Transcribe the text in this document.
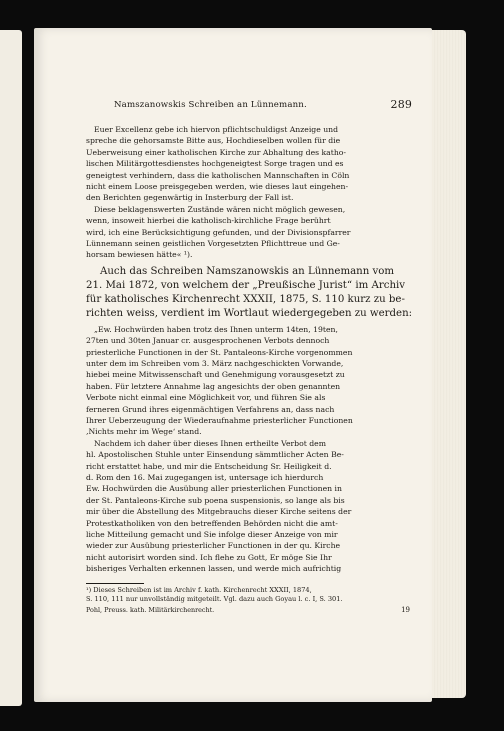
Namszanowskis Schreiben an Lünnemann.	289
Euer Excellenz gebe ich hiervon pflichtschuldigst Anzeige und
spreche die gehorsamste Bitte aus, Hochdieselben wollen für die
Ueberweisung einer katholischen Kirche zur Abhaltung des katho-
lischen Militärgottesdienstes hochgeneigtest Sorge tragen und es
geneigtest verhindern, dass die katholischen Mannschaften in Cöln
nicht einem Loose preisgegeben werden, wie dieses laut eingehen-
den Berichten gegenwärtig in Insterburg der Fall ist.
Diese beklagenswerten Zustände wären nicht möglich gewesen,
wenn, insoweit hierbei die katholisch-kirchliche Frage berührt
wird, ich eine Berücksichtigung gefunden, und der Divisionspfarrer
Lünnemann seinen geistlichen Vorgesetzten Pflichttreue und Ge-
horsam bewiesen hätte« ¹).
Auch das Schreiben Namszanowskis an Lünnemann vom
21. Mai 1872, von welchem der „Preußische Jurist“ im Archiv
für katholisches Kirchenrecht XXXII, 1875, S. 110 kurz zu be-
richten weiss, verdient im Wortlaut wiedergegeben zu werden:
„Ew. Hochwürden haben trotz des Ihnen unterm 14ten, 19ten,
27ten und 30ten Januar cr. ausgesprochenen Verbots dennoch
priesterliche Functionen in der St. Pantaleons-Kirche vorgenommen
unter dem im Schreiben vom 3. März nachgeschickten Vorwande,
hiebei meine Mitwissenschaft und Genehmigung vorausgesetzt zu
haben. Für letztere Annahme lag angesichts der oben genannten
Verbote nicht einmal eine Möglichkeit vor, und führen Sie als
ferneren Grund ihres eigenmächtigen Verfahrens an, dass nach
Ihrer Ueberzeugung der Wiederaufnahme priesterlicher Functionen
‚Nichts mehr im Wege‘ stand.
Nachdem ich daher über dieses Ihnen ertheilte Verbot dem
hl. Apostolischen Stuhle unter Einsendung sämmtlicher Acten Be-
richt erstattet habe, und mir die Entscheidung Sr. Heiligkeit d.
d. Rom den 16. Mai zugegangen ist, untersage ich hierdurch
Ew. Hochwürden die Ausübung aller priesterlichen Functionen in
der St. Pantaleons-Kirche sub poena suspensionis, so lange als bis
mir über die Abstellung des Mitgebrauchs dieser Kirche seitens der
Protestkatholiken von den betreffenden Behörden nicht die amt-
liche Mitteilung gemacht und Sie infolge dieser Anzeige von mir
wieder zur Ausübung priesterlicher Functionen in der qu. Kirche
nicht autorisirt worden sind. Ich flehe zu Gott, Er möge Sie Ihr
bisheriges Verhalten erkennen lassen, und werde mich aufrichtig
¹) Dieses Schreiben ist im Archiv f. kath. Kirchenrecht XXXII, 1874,
S. 110, 111 nur unvollständig mitgeteilt. Vgl. dazu auch Goyau l. c. I, S. 301.
Pohl, Preuss. kath. Militärkirchenrecht.	19
